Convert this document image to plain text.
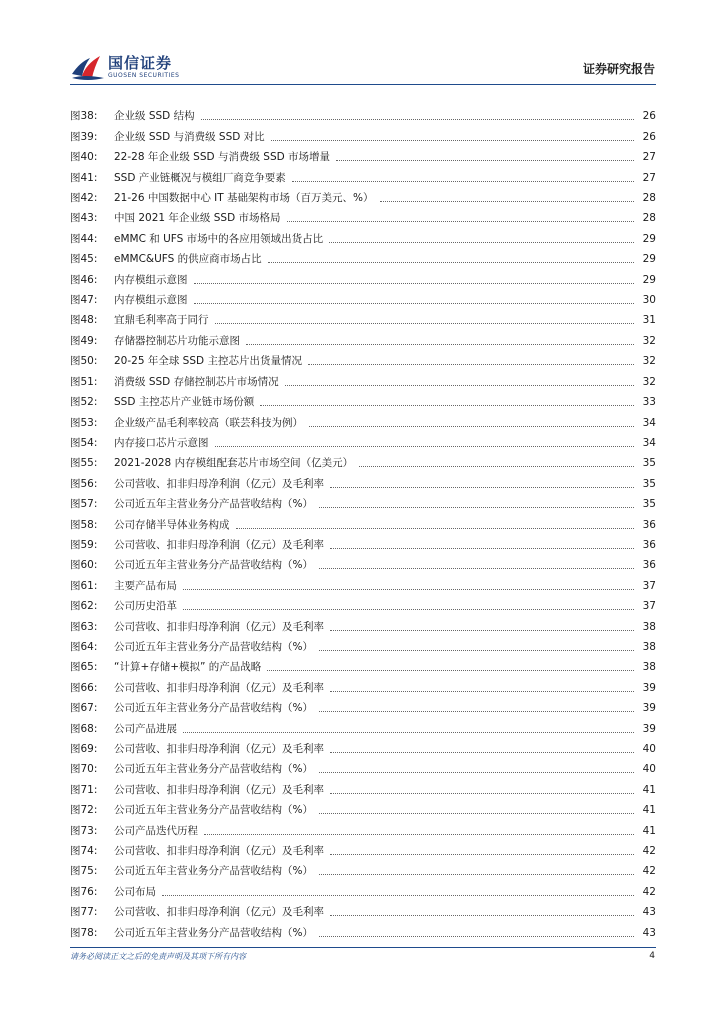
国信证券
GUOSEN SECURITIES	证券研究报告
图38:	企业级 SSD 结构	26
图39:	企业级 SSD 与消费级 SSD 对比	26
图40:	22-28 年企业级 SSD 与消费级 SSD 市场增量	27
图41:	SSD 产业链概况与模组厂商竞争要素	27
图42:	21-26 中国数据中心 IT 基础架构市场（百万美元、%）	28
图43:	中国 2021 年企业级 SSD 市场格局	28
图44:	eMMC 和 UFS 市场中的各应用领域出货占比	29
图45:	eMMC&UFS 的供应商市场占比	29
图46:	内存模组示意图	29
图47:	内存模组示意图	30
图48:	宜鼎毛利率高于同行	31
图49:	存储器控制芯片功能示意图	32
图50:	20-25 年全球 SSD 主控芯片出货量情况	32
图51:	消费级 SSD 存储控制芯片市场情况	32
图52:	SSD 主控芯片产业链市场份额	33
图53:	企业级产品毛利率较高（联芸科技为例）	34
图54:	内存接口芯片示意图	34
图55:	2021-2028 内存模组配套芯片市场空间（亿美元）	35
图56:	公司营收、扣非归母净利润（亿元）及毛利率	35
图57:	公司近五年主营业务分产品营收结构（%）	35
图58:	公司存储半导体业务构成	36
图59:	公司营收、扣非归母净利润（亿元）及毛利率	36
图60:	公司近五年主营业务分产品营收结构（%）	36
图61:	主要产品布局	37
图62:	公司历史沿革	37
图63:	公司营收、扣非归母净利润（亿元）及毛利率	38
图64:	公司近五年主营业务分产品营收结构（%）	38
图65:	“计算+存储+模拟” 的产品战略	38
图66:	公司营收、扣非归母净利润（亿元）及毛利率	39
图67:	公司近五年主营业务分产品营收结构（%）	39
图68:	公司产品进展	39
图69:	公司营收、扣非归母净利润（亿元）及毛利率	40
图70:	公司近五年主营业务分产品营收结构（%）	40
图71:	公司营收、扣非归母净利润（亿元）及毛利率	41
图72:	公司近五年主营业务分产品营收结构（%）	41
图73:	公司产品迭代历程	41
图74:	公司营收、扣非归母净利润（亿元）及毛利率	42
图75:	公司近五年主营业务分产品营收结构（%）	42
图76:	公司布局	42
图77:	公司营收、扣非归母净利润（亿元）及毛利率	43
图78:	公司近五年主营业务分产品营收结构（%）	43
请务必阅读正文之后的免责声明及其项下所有内容	4
